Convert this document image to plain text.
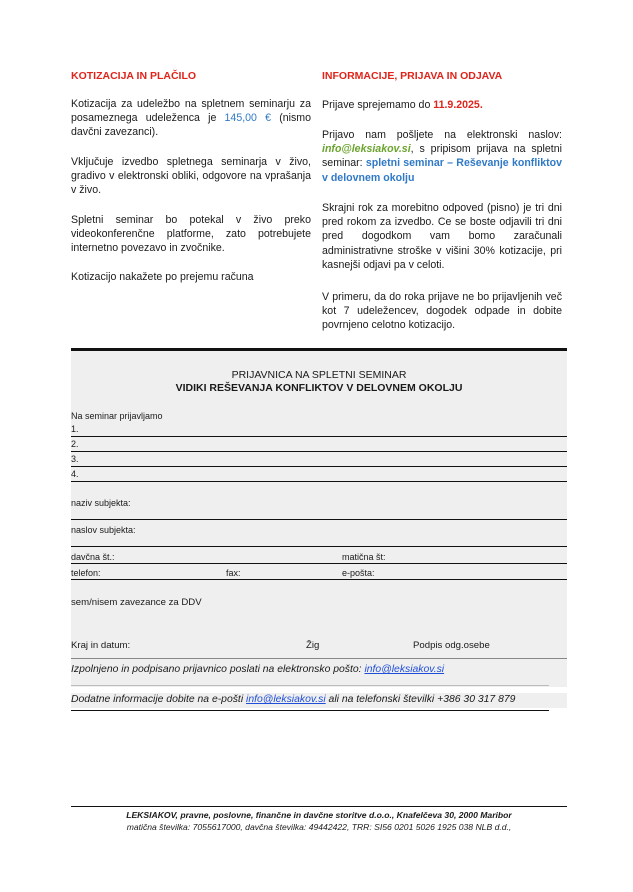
KOTIZACIJA IN PLAČILO
Kotizacija za udeležbo na spletnem seminarju za posameznega udeleženca je 145,00 € (nismo davčni zavezanci).
Vključuje izvedbo spletnega seminarja v živo, gradivo v elektronski obliki, odgovore na vprašanja v živo.
Spletni seminar bo potekal v živo preko videokonferenčne platforme, zato potrebujete internetno povezavo in zvočnike.
Kotizacijo nakažete po prejemu računa
INFORMACIJE, PRIJAVA IN ODJAVA
Prijave sprejemamo do 11.9.2025.
Prijavo nam pošljete na elektronski naslov: info@leksiakov.si, s pripisom prijava na spletni seminar: spletni seminar – Reševanje konfliktov v delovnem okolju
Skrajni rok za morebitno odpoved (pisno) je tri dni pred rokom za izvedbo. Ce se boste odjavili tri dni pred dogodkom vam bomo zaračunali administrativne stroške v višini 30% kotizacije, pri kasnejši odjavi pa v celoti.
V primeru, da do roka prijave ne bo prijavljenih več kot 7 udeležencev, dogodek odpade in dobite povrnjeno celotno kotizacijo.
PRIJAVNICA NA SPLETNI SEMINAR
VIDIKI REŠEVANJA KONFLIKTOV V DELOVNEM OKOLJU
Na seminar prijavljamo
1.
2.
3.
4.
naziv subjekta:
naslov subjekta:
davčna št.:	matična št:
telefon:	fax:	e-pošta:
sem/nisem zavezance za DDV
Kraj in datum:	Žig	Podpis odg.osebe
Izpolnjeno in podpisano prijavnico poslati na elektronsko pošto: info@leksiakov.si
Dodatne informacije dobite na e-pošti info@leksiakov.si ali na telefonski številki +386 30 317 879
LEKSIAKOV, pravne, poslovne, finančne in davčne storitve d.o.o., Knafelčeva 30, 2000 Maribor
matična številka: 7055617000, davčna številka: 49442422, TRR: SI56 0201 5026 1925 038 NLB d.d.,
